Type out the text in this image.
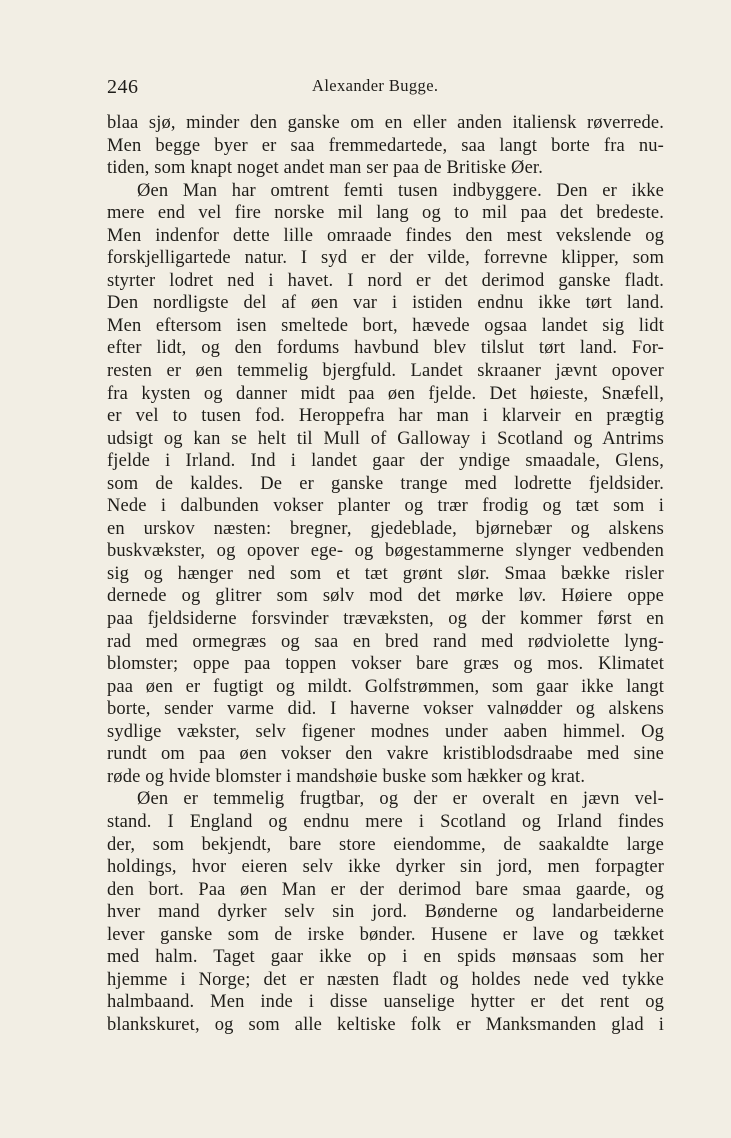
246	Alexander Bugge.
blaa sjø, minder den ganske om en eller anden italiensk røverrede.
Men begge byer er saa fremmedartede, saa langt borte fra nu-
tiden, som knapt noget andet man ser paa de Britiske Øer.
Øen Man har omtrent femti tusen indbyggere. Den er ikke
mere end vel fire norske mil lang og to mil paa det bredeste.
Men indenfor dette lille omraade findes den mest vekslende og
forskjelligartede natur. I syd er der vilde, forrevne klipper, som
styrter lodret ned i havet. I nord er det derimod ganske fladt.
Den nordligste del af øen var i istiden endnu ikke tørt land.
Men eftersom isen smeltede bort, hævede ogsaa landet sig lidt
efter lidt, og den fordums havbund blev tilslut tørt land. For-
resten er øen temmelig bjergfuld. Landet skraaner jævnt opover
fra kysten og danner midt paa øen fjelde. Det høieste, Snæfell,
er vel to tusen fod. Heroppefra har man i klarveir en prægtig
udsigt og kan se helt til Mull of Galloway i Scotland og Antrims
fjelde i Irland. Ind i landet gaar der yndige smaadale, Glens,
som de kaldes. De er ganske trange med lodrette fjeldsider.
Nede i dalbunden vokser planter og trær frodig og tæt som i
en urskov næsten: bregner, gjedeblade, bjørnebær og alskens
buskvækster, og opover ege- og bøgestammerne slynger vedbenden
sig og hænger ned som et tæt grønt slør. Smaa bække risler
dernede og glitrer som sølv mod det mørke løv. Høiere oppe
paa fjeldsiderne forsvinder trævæksten, og der kommer først en
rad med ormegræs og saa en bred rand med rødviolette lyng-
blomster; oppe paa toppen vokser bare græs og mos. Klimatet
paa øen er fugtigt og mildt. Golfstrømmen, som gaar ikke langt
borte, sender varme did. I haverne vokser valnødder og alskens
sydlige vækster, selv figener modnes under aaben himmel. Og
rundt om paa øen vokser den vakre kristiblodsdraabe med sine
røde og hvide blomster i mandshøie buske som hækker og krat.
Øen er temmelig frugtbar, og der er overalt en jævn vel-
stand. I England og endnu mere i Scotland og Irland findes
der, som bekjendt, bare store eiendomme, de saakaldte large
holdings, hvor eieren selv ikke dyrker sin jord, men forpagter
den bort. Paa øen Man er der derimod bare smaa gaarde, og
hver mand dyrker selv sin jord. Bønderne og landarbeiderne
lever ganske som de irske bønder. Husene er lave og tækket
med halm. Taget gaar ikke op i en spids mønsaas som her
hjemme i Norge; det er næsten fladt og holdes nede ved tykke
halmbaand. Men inde i disse uanselige hytter er det rent og
blankskuret, og som alle keltiske folk er Manksmanden glad i
